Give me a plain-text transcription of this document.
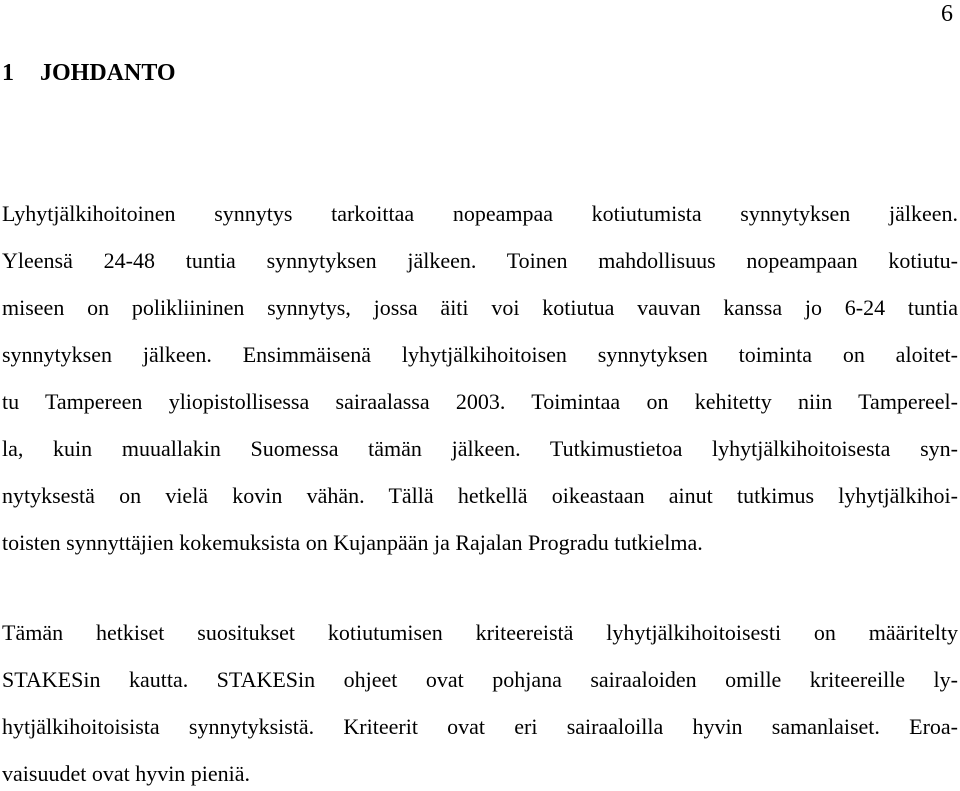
6
1 JOHDANTO
Lyhytjälkihoitoinen synnytys tarkoittaa nopeampaa kotiutumista synnytyksen jälkeen.
Yleensä 24-48 tuntia synnytyksen jälkeen. Toinen mahdollisuus nopeampaan kotiutu-
miseen on polikliininen synnytys, jossa äiti voi kotiutua vauvan kanssa jo 6-24 tuntia
synnytyksen jälkeen. Ensimmäisenä lyhytjälkihoitoisen synnytyksen toiminta on aloitet-
tu Tampereen yliopistollisessa sairaalassa 2003. Toimintaa on kehitetty niin Tampereel-
la, kuin muuallakin Suomessa tämän jälkeen. Tutkimustietoa lyhytjälkihoitoisesta syn-
nytyksestä on vielä kovin vähän. Tällä hetkellä oikeastaan ainut tutkimus lyhytjälkihoi-
toisten synnyttäjien kokemuksista on Kujanpään ja Rajalan Progradu tutkielma.
Tämän hetkiset suositukset kotiutumisen kriteereistä lyhytjälkihoitoisesti on määritelty
STAKESin kautta. STAKESin ohjeet ovat pohjana sairaaloiden omille kriteereille ly-
hytjälkihoitoisista synnytyksistä. Kriteerit ovat eri sairaaloilla hyvin samanlaiset. Eroa-
vaisuudet ovat hyvin pieniä.
